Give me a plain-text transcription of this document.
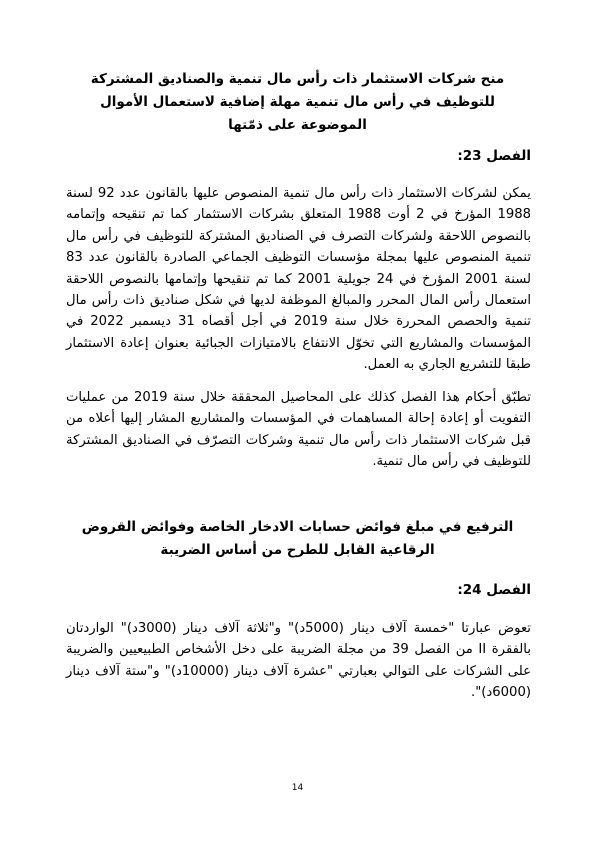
منح شركات الاستثمار ذات رأس مال تنمية والصناديق المشتركة للتوظيف في رأس مال تنمية مهلة إضافية لاستعمال الأموال الموضوعة على ذمّتها

الفصل 23:

يمكن لشركات الاستثمار ذات رأس مال تنمية المنصوص عليها بالقانون عدد 92 لسنة 1988 المؤرخ في 2 أوت 1988 المتعلق بشركات الاستثمار كما تم تنقيحه وإتمامه بالنصوص اللاحقة ولشركات التصرف في الصناديق المشتركة للتوظيف في رأس مال تنمية المنصوص عليها بمجلة مؤسسات التوظيف الجماعي الصادرة بالقانون عدد 83 لسنة 2001 المؤرخ في 24 جويلية 2001 كما تم تنقيحها وإتمامها بالنصوص اللاحقة استعمال رأس المال المحرر والمبالغ الموظفة لديها في شكل صناديق ذات رأس مال تنمية والحصص المحررة خلال سنة 2019 في أجل أقصاه 31 ديسمبر 2022 في المؤسسات والمشاريع التي تخوّل الانتفاع بالامتيازات الجبائية بعنوان إعادة الاستثمار طبقا للتشريع الجاري به العمل.

تطبّق أحكام هذا الفصل كذلك على المحاصيل المحققة خلال سنة 2019 من عمليات التفويت أو إعادة إحالة المساهمات في المؤسسات والمشاريع المشار إليها أعلاه من قبل شركات الاستثمار ذات رأس مال تنمية وشركات التصرّف في الصناديق المشتركة للتوظيف في رأس مال تنمية.

الترفيع في مبلغ فوائض حسابات الادخار الخاصة وفوائض القروض الرقاعية القابل للطرح من أساس الضريبة

الفصل 24:

تعوض عبارتا "خمسة آلاف دينار (5000د)" و"ثلاثة آلاف دينار (3000د)" الواردتان بالفقرة II من الفصل 39 من مجلة الضريبة على دخل الأشخاص الطبيعيين والضريبة على الشركات على التوالي بعبارتي "عشرة آلاف دينار (10000د)" و"ستة آلاف دينار (6000د)".

14
